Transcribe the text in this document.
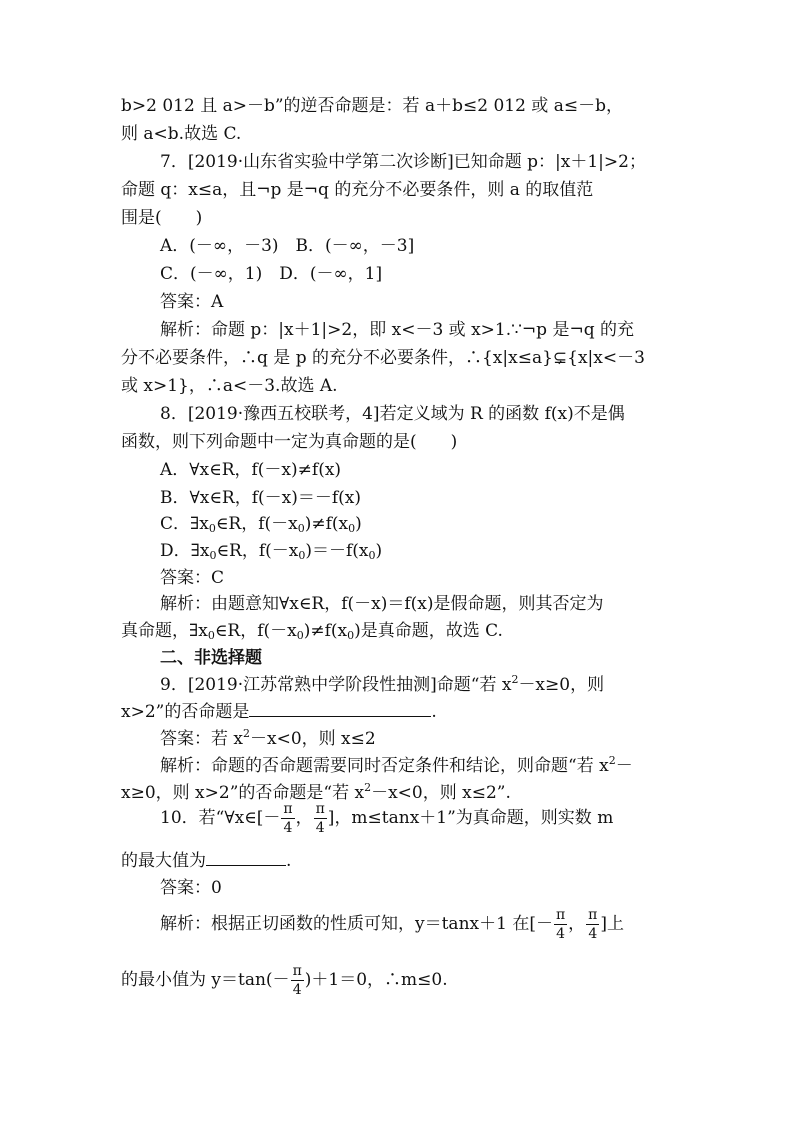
b>2 012 且 a>－b”的逆否命题是：若 a＋b≤2 012 或 a≤－b，
则 a<b.故选 C.
7．[2019·山东省实验中学第二次诊断]已知命题 p：|x＋1|>2；
命题 q：x≤a，且¬p 是¬q 的充分不必要条件，则 a 的取值范
围是(　　)
A．(－∞，－3)　B．(－∞，－3]
C．(－∞，1)　D．(－∞，1]
答案：A
解析：命题 p：|x＋1|>2，即 x<－3 或 x>1.∵¬p 是¬q 的充
分不必要条件，∴q 是 p 的充分不必要条件，∴{x|x≤a}⊊{x|x<－3
或 x>1}，∴a<－3.故选 A.
8．[2019·豫西五校联考，4]若定义域为 R 的函数 f(x)不是偶
函数，则下列命题中一定为真命题的是(　　)
A．∀x∈R，f(－x)≠f(x)
B．∀x∈R，f(－x)＝－f(x)
C．$\exists x_0\in R$，$f(-x_0)\ne f(x_0)$
D．$\exists x_0\in R$，$f(-x_0)=-f(x_0)$
答案：C
解析：由题意知∀x∈R，f(－x)＝f(x)是假命题，则其否定为
真命题，$\exists x_0\in R$，$f(-x_0)\ne f(x_0)$是真命题，故选 C.
二、非选择题
9．[2019·江苏常熟中学阶段性抽测]命题“若 $x^2-x\ge 0$，则
x>2”的否命题是	.
答案：若 $x^2-x<0$，则 x≤2
解析：命题的否命题需要同时否定条件和结论，则命题“若 $x^2-$
x≥0，则 x>2”的否命题是“若 $x^2-x<0$，则 x≤2”.
10．若“∀x∈[－ $\frac{\pi}{4}$ ， $\frac{\pi}{4}$ ]，m≤tanx＋1”为真命题，则实数 m
的最大值为	.
答案：0
解析：根据正切函数的性质可知，y＝tanx＋1 在[－ $\frac{\pi}{4}$ ， $\frac{\pi}{4}$ ]上
的最小值为 $y=\tan(- \frac{\pi}{4} )+1=0$，∴m≤0.
